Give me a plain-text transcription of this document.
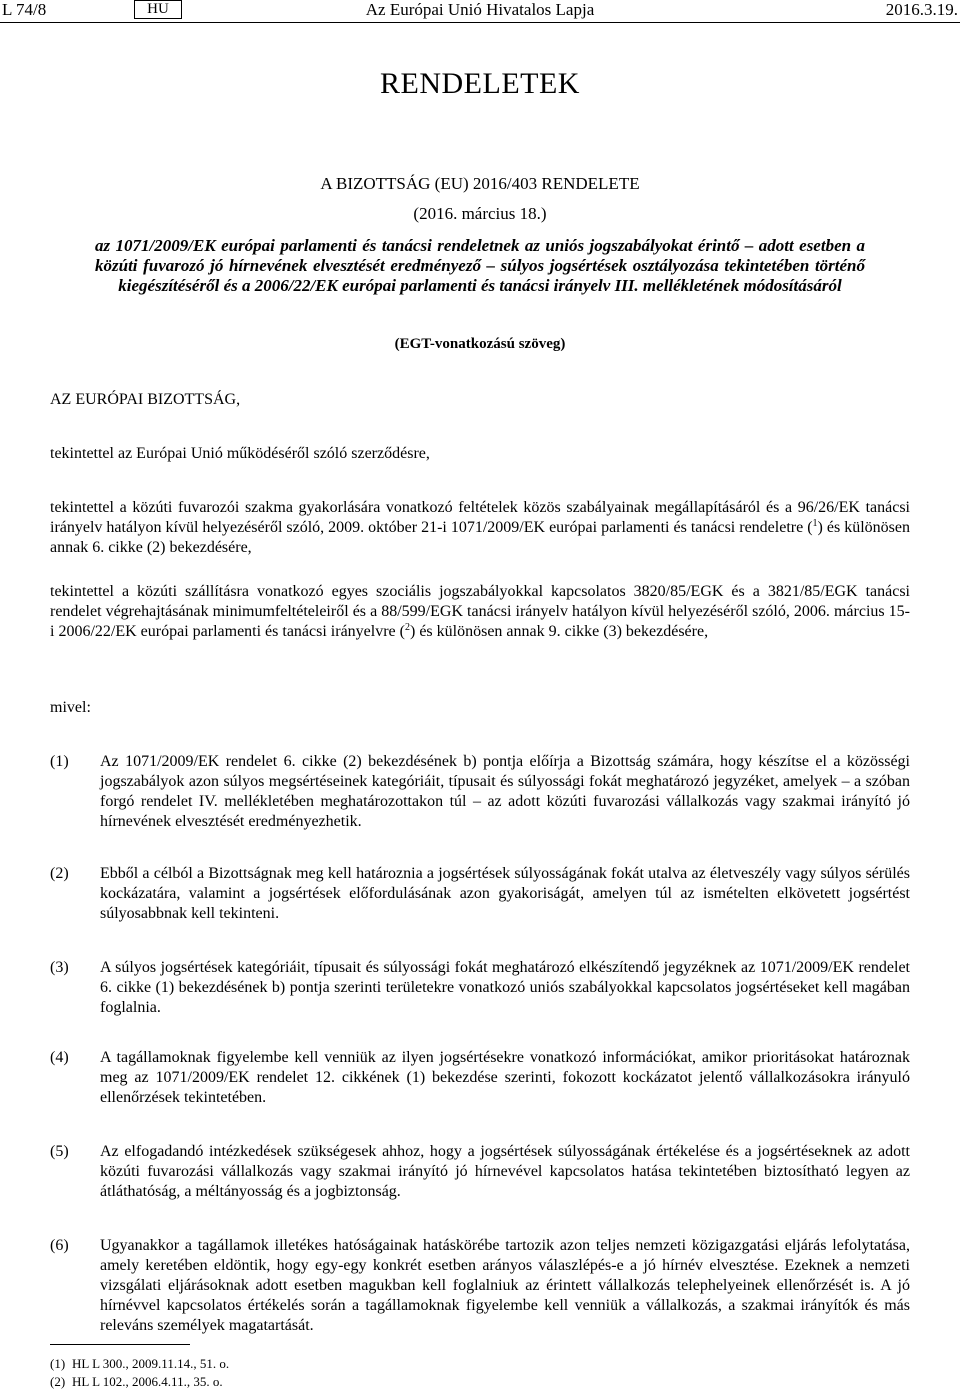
L 74/8	HU	Az Európai Unió Hivatalos Lapja	2016.3.19.
RENDELETEK
A BIZOTTSÁG (EU) 2016/403 RENDELETE
(2016. március 18.)
az 1071/2009/EK európai parlamenti és tanácsi rendeletnek az uniós jogszabályokat érintő – adott esetben a közúti fuvarozó jó hírnevének elvesztését eredményező – súlyos jogsértések osztályozása tekintetében történő kiegészítéséről és a 2006/22/EK európai parlamenti és tanácsi irányelv III. mellékletének módosításáról
(EGT-vonatkozású szöveg)
AZ EURÓPAI BIZOTTSÁG,
tekintettel az Európai Unió működéséről szóló szerződésre,
tekintettel a közúti fuvarozói szakma gyakorlására vonatkozó feltételek közös szabályainak megállapításáról és a 96/26/EK tanácsi irányelv hatályon kívül helyezéséről szóló, 2009. október 21-i 1071/2009/EK európai parlamenti és tanácsi rendeletre ($^1$) és különösen annak 6. cikke (2) bekezdésére,
tekintettel a közúti szállításra vonatkozó egyes szociális jogszabályokkal kapcsolatos 3820/85/EGK és a 3821/85/EGK tanácsi rendelet végrehajtásának minimumfeltételeiről és a 88/599/EGK tanácsi irányelv hatályon kívül helyezéséről szóló, 2006. március 15-i 2006/22/EK európai parlamenti és tanácsi irányelvre ($^2$) és különösen annak 9. cikke (3) bekezdésére,
mivel:
(1) Az 1071/2009/EK rendelet 6. cikke (2) bekezdésének b) pontja előírja a Bizottság számára, hogy készítse el a közösségi jogszabályok azon súlyos megsértéseinek kategóriáit, típusait és súlyossági fokát meghatározó jegyzéket, amelyek – a szóban forgó rendelet IV. mellékletében meghatározottakon túl – az adott közúti fuvarozási vállalkozás vagy szakmai irányító jó hírnevének elvesztését eredményezhetik.
(2) Ebből a célból a Bizottságnak meg kell határoznia a jogsértések súlyosságának fokát utalva az életveszély vagy súlyos sérülés kockázatára, valamint a jogsértések előfordulásának azon gyakoriságát, amelyen túl az ismételten elkövetett jogsértést súlyosabbnak kell tekinteni.
(3) A súlyos jogsértések kategóriáit, típusait és súlyossági fokát meghatározó elkészítendő jegyzéknek az 1071/2009/EK rendelet 6. cikke (1) bekezdésének b) pontja szerinti területekre vonatkozó uniós szabályokkal kapcsolatos jogsértéseket kell magában foglalnia.
(4) A tagállamoknak figyelembe kell venniük az ilyen jogsértésekre vonatkozó információkat, amikor prioritásokat határoznak meg az 1071/2009/EK rendelet 12. cikkének (1) bekezdése szerinti, fokozott kockázatot jelentő vállalkozásokra irányuló ellenőrzések tekintetében.
(5) Az elfogadandó intézkedések szükségesek ahhoz, hogy a jogsértések súlyosságának értékelése és a jogsértéseknek az adott közúti fuvarozási vállalkozás vagy szakmai irányító jó hírnevével kapcsolatos hatása tekintetében biztosítható legyen az átláthatóság, a méltányosság és a jogbiztonság.
(6) Ugyanakkor a tagállamok illetékes hatóságainak hatáskörébe tartozik azon teljes nemzeti közigazgatási eljárás lefolytatása, amely keretében eldöntik, hogy egy-egy konkrét esetben arányos válaszlépés-e a jó hírnév elvesztése. Ezeknek a nemzeti vizsgálati eljárásoknak adott esetben magukban kell foglalniuk az érintett vállalkozás telephelyeinek ellenőrzését is. A jó hírnévvel kapcsolatos értékelés során a tagállamoknak figyelembe kell venniük a vállalkozás, a szakmai irányítók és más releváns személyek magatartását.
(1) HL L 300., 2009.11.14., 51. o.
(2) HL L 102., 2006.4.11., 35. o.
